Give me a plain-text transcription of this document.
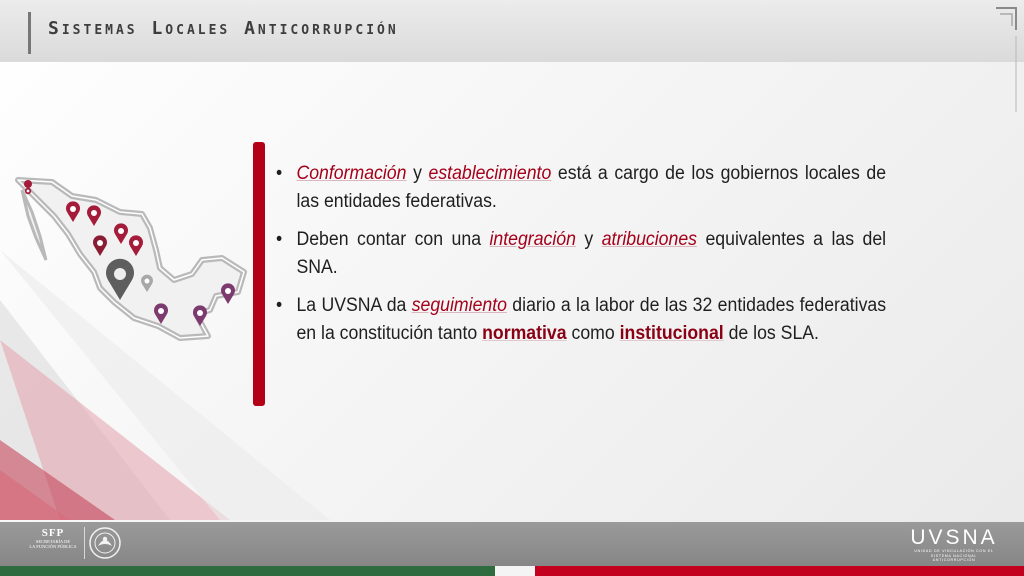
Sistemas Locales Anticorrupción
• Conformación y establecimiento está a cargo de los gobiernos locales de las entidades federativas.
• Deben contar con una integración y atribuciones equivalentes a las del SNA.
• La UVSNA da seguimiento diario a la labor de las 32 entidades federativas en la constitución tanto normativa como institucional de los SLA.
SFP
SECRETARÍA DE
LA FUNCIÓN PÚBLICA	UVSNA
UNIDAD DE VINCULACIÓN CON EL
SISTEMA NACIONAL ANTICORRUPCIÓN
